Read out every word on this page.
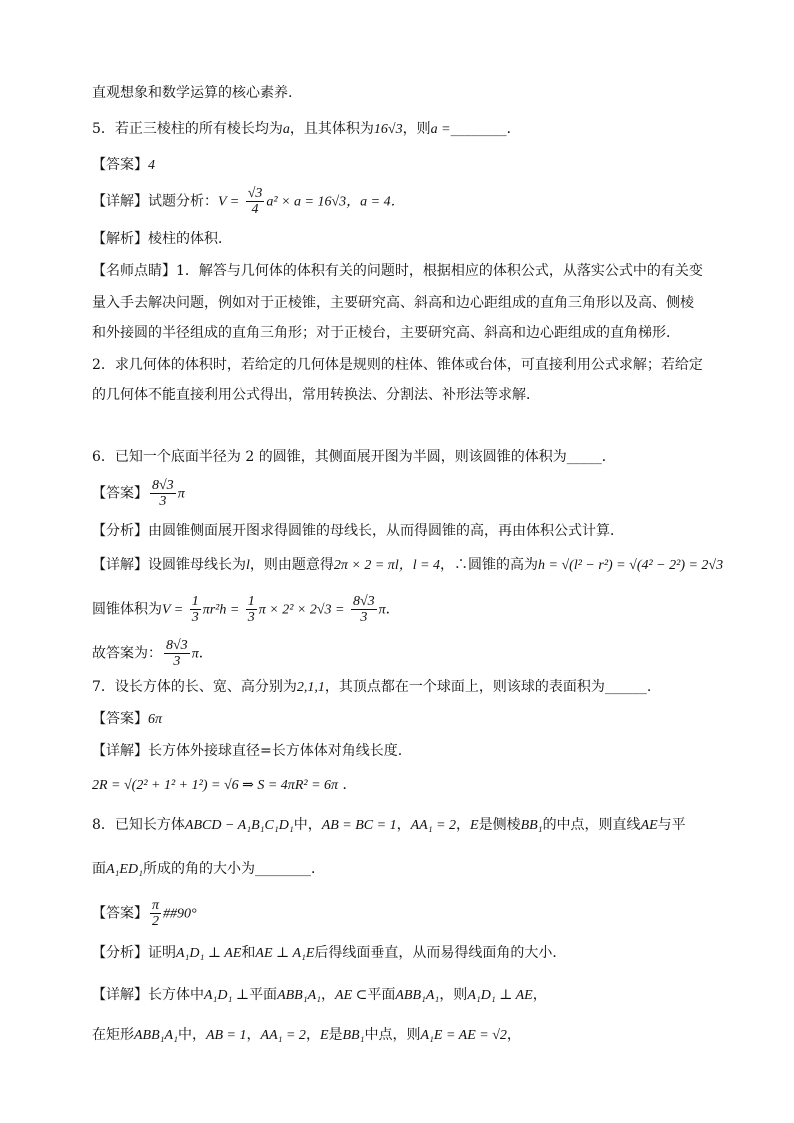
直观想象和数学运算的核心素养.
5．若正三棱柱的所有棱长均为a，且其体积为16√3，则a =________．
【答案】4
【详解】试题分析：$V = \frac{√3}{4} a^2 \times a = 16√3$，a = 4．
【解析】棱柱的体积．
【名师点睛】1．解答与几何体的体积有关的问题时，根据相应的体积公式，从落实公式中的有关变
量入手去解决问题，例如对于正棱锥，主要研究高、斜高和边心距组成的直角三角形以及高、侧棱
和外接圆的半径组成的直角三角形；对于正棱台，主要研究高、斜高和边心距组成的直角梯形．
2．求几何体的体积时，若给定的几何体是规则的柱体、锥体或台体，可直接利用公式求解；若给定
的几何体不能直接利用公式得出，常用转换法、分割法、补形法等求解．
6．已知一个底面半径为 2 的圆锥，其侧面展开图为半圆，则该圆锥的体积为_____．
【答案】 $\frac{8√3}{3}$ π
【分析】由圆锥侧面展开图求得圆锥的母线长，从而得圆锥的高，再由体积公式计算．
【详解】设圆锥母线长为l，则由题意得2π × 2 = πl，l = 4，∴圆锥的高为h = √(l² − r²) = √(4² − 2²) = 2√3
圆锥体积为$V = \frac{1}{3} \pi r^2h = \frac{1}{3}$ $\pi \times 2^2 \times 2√3 = \frac{8√3}{3}$ π．
故答案为： $\frac{8√3}{3}$ π．
7．设长方体的长、宽、高分别为2,1,1，其顶点都在一个球面上，则该球的表面积为______.
【答案】6π
【详解】长方体外接球直径=长方体体对角线长度.
2R = √(2² + 1² + 1²) = √6 ⇒ S = 4πR² = 6π ．
8．已知长方体ABCD − A₁B₁C₁D₁中，AB = BC = 1，AA₁ = 2，E是侧棱BB₁的中点，则直线AE与平
面A₁ED₁所成的角的大小为________．
【答案】 $\frac{\pi}{2}$ ##90°
【分析】证明A₁D₁ ⊥ AE和AE ⊥ A₁E后得线面垂直，从而易得线面角的大小．
【详解】长方体中A₁D₁ ⊥平面ABB₁A₁，AE ⊂平面ABB₁A₁，则A₁D₁ ⊥ AE，
在矩形ABB₁A₁中，AB = 1，AA₁ = 2，E是BB₁中点，则A₁E = AE = √2，
